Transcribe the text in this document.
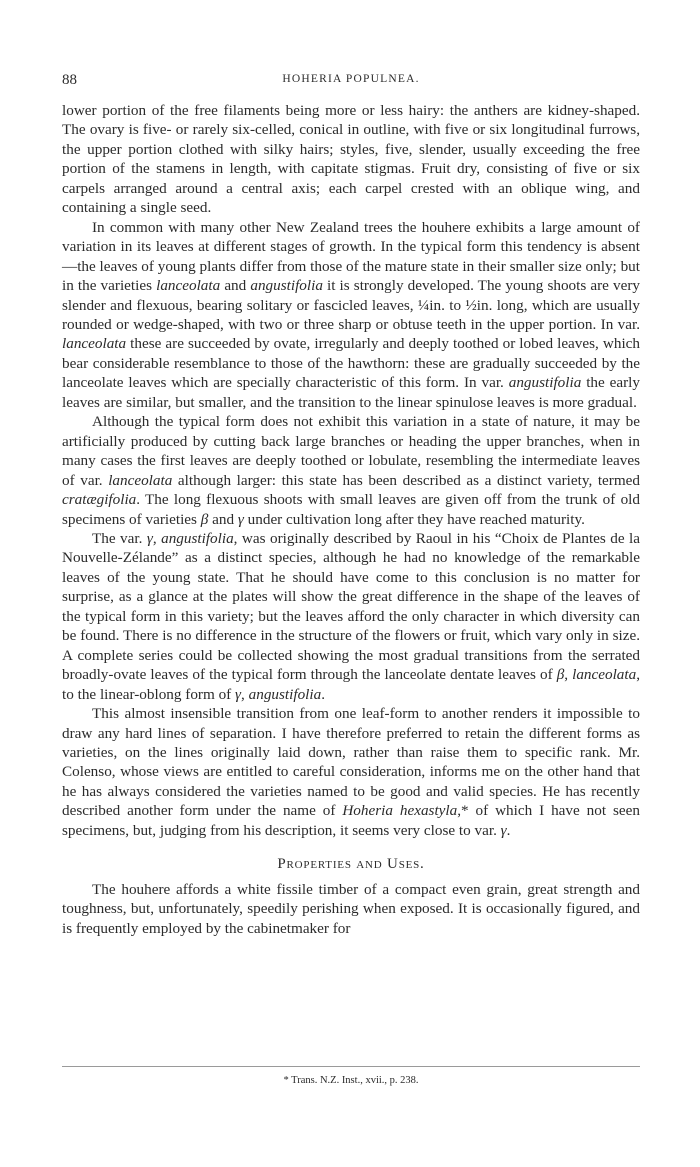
88	HOHERIA POPULNEA.

lower portion of the free filaments being more or less hairy: the anthers are kidney-shaped. The ovary is five- or rarely six-celled, conical in outline, with five or six longitudinal furrows, the upper portion clothed with silky hairs; styles, five, slender, usually exceeding the free portion of the stamens in length, with capitate stigmas. Fruit dry, consisting of five or six carpels arranged around a central axis; each carpel crested with an oblique wing, and containing a single seed.

In common with many other New Zealand trees the houhere exhibits a large amount of variation in its leaves at different stages of growth. In the typical form this tendency is absent—the leaves of young plants differ from those of the mature state in their smaller size only; but in the varieties lanceolata and angustifolia it is strongly developed. The young shoots are very slender and flexuous, bearing solitary or fascicled leaves, ¼in. to ½in. long, which are usually rounded or wedge-shaped, with two or three sharp or obtuse teeth in the upper portion. In var. lanceolata these are succeeded by ovate, irregularly and deeply toothed or lobed leaves, which bear considerable resemblance to those of the hawthorn: these are gradually succeeded by the lanceolate leaves which are specially characteristic of this form. In var. angustifolia the early leaves are similar, but smaller, and the transition to the linear spinulose leaves is more gradual.

Although the typical form does not exhibit this variation in a state of nature, it may be artificially produced by cutting back large branches or heading the upper branches, when in many cases the first leaves are deeply toothed or lobulate, resembling the intermediate leaves of var. lanceolata although larger: this state has been described as a distinct variety, termed cratægifolia. The long flexuous shoots with small leaves are given off from the trunk of old specimens of varieties β and γ under cultivation long after they have reached maturity.

The var. γ, angustifolia, was originally described by Raoul in his “Choix de Plantes de la Nouvelle-Zélande” as a distinct species, although he had no knowledge of the remarkable leaves of the young state. That he should have come to this conclusion is no matter for surprise, as a glance at the plates will show the great difference in the shape of the leaves of the typical form in this variety; but the leaves afford the only character in which diversity can be found. There is no difference in the structure of the flowers or fruit, which vary only in size. A complete series could be collected showing the most gradual transitions from the serrated broadly-ovate leaves of the typical form through the lanceolate dentate leaves of β, lanceolata, to the linear-oblong form of γ, angustifolia.

This almost insensible transition from one leaf-form to another renders it impossible to draw any hard lines of separation. I have therefore preferred to retain the different forms as varieties, on the lines originally laid down, rather than raise them to specific rank. Mr. Colenso, whose views are entitled to careful consideration, informs me on the other hand that he has always considered the varieties named to be good and valid species. He has recently described another form under the name of Hoheria hexastyla,* of which I have not seen specimens, but, judging from his description, it seems very close to var. γ.

Properties and Uses.

The houhere affords a white fissile timber of a compact even grain, great strength and toughness, but, unfortunately, speedily perishing when exposed. It is occasionally figured, and is frequently employed by the cabinetmaker for

* Trans. N.Z. Inst., xvii., p. 238.
